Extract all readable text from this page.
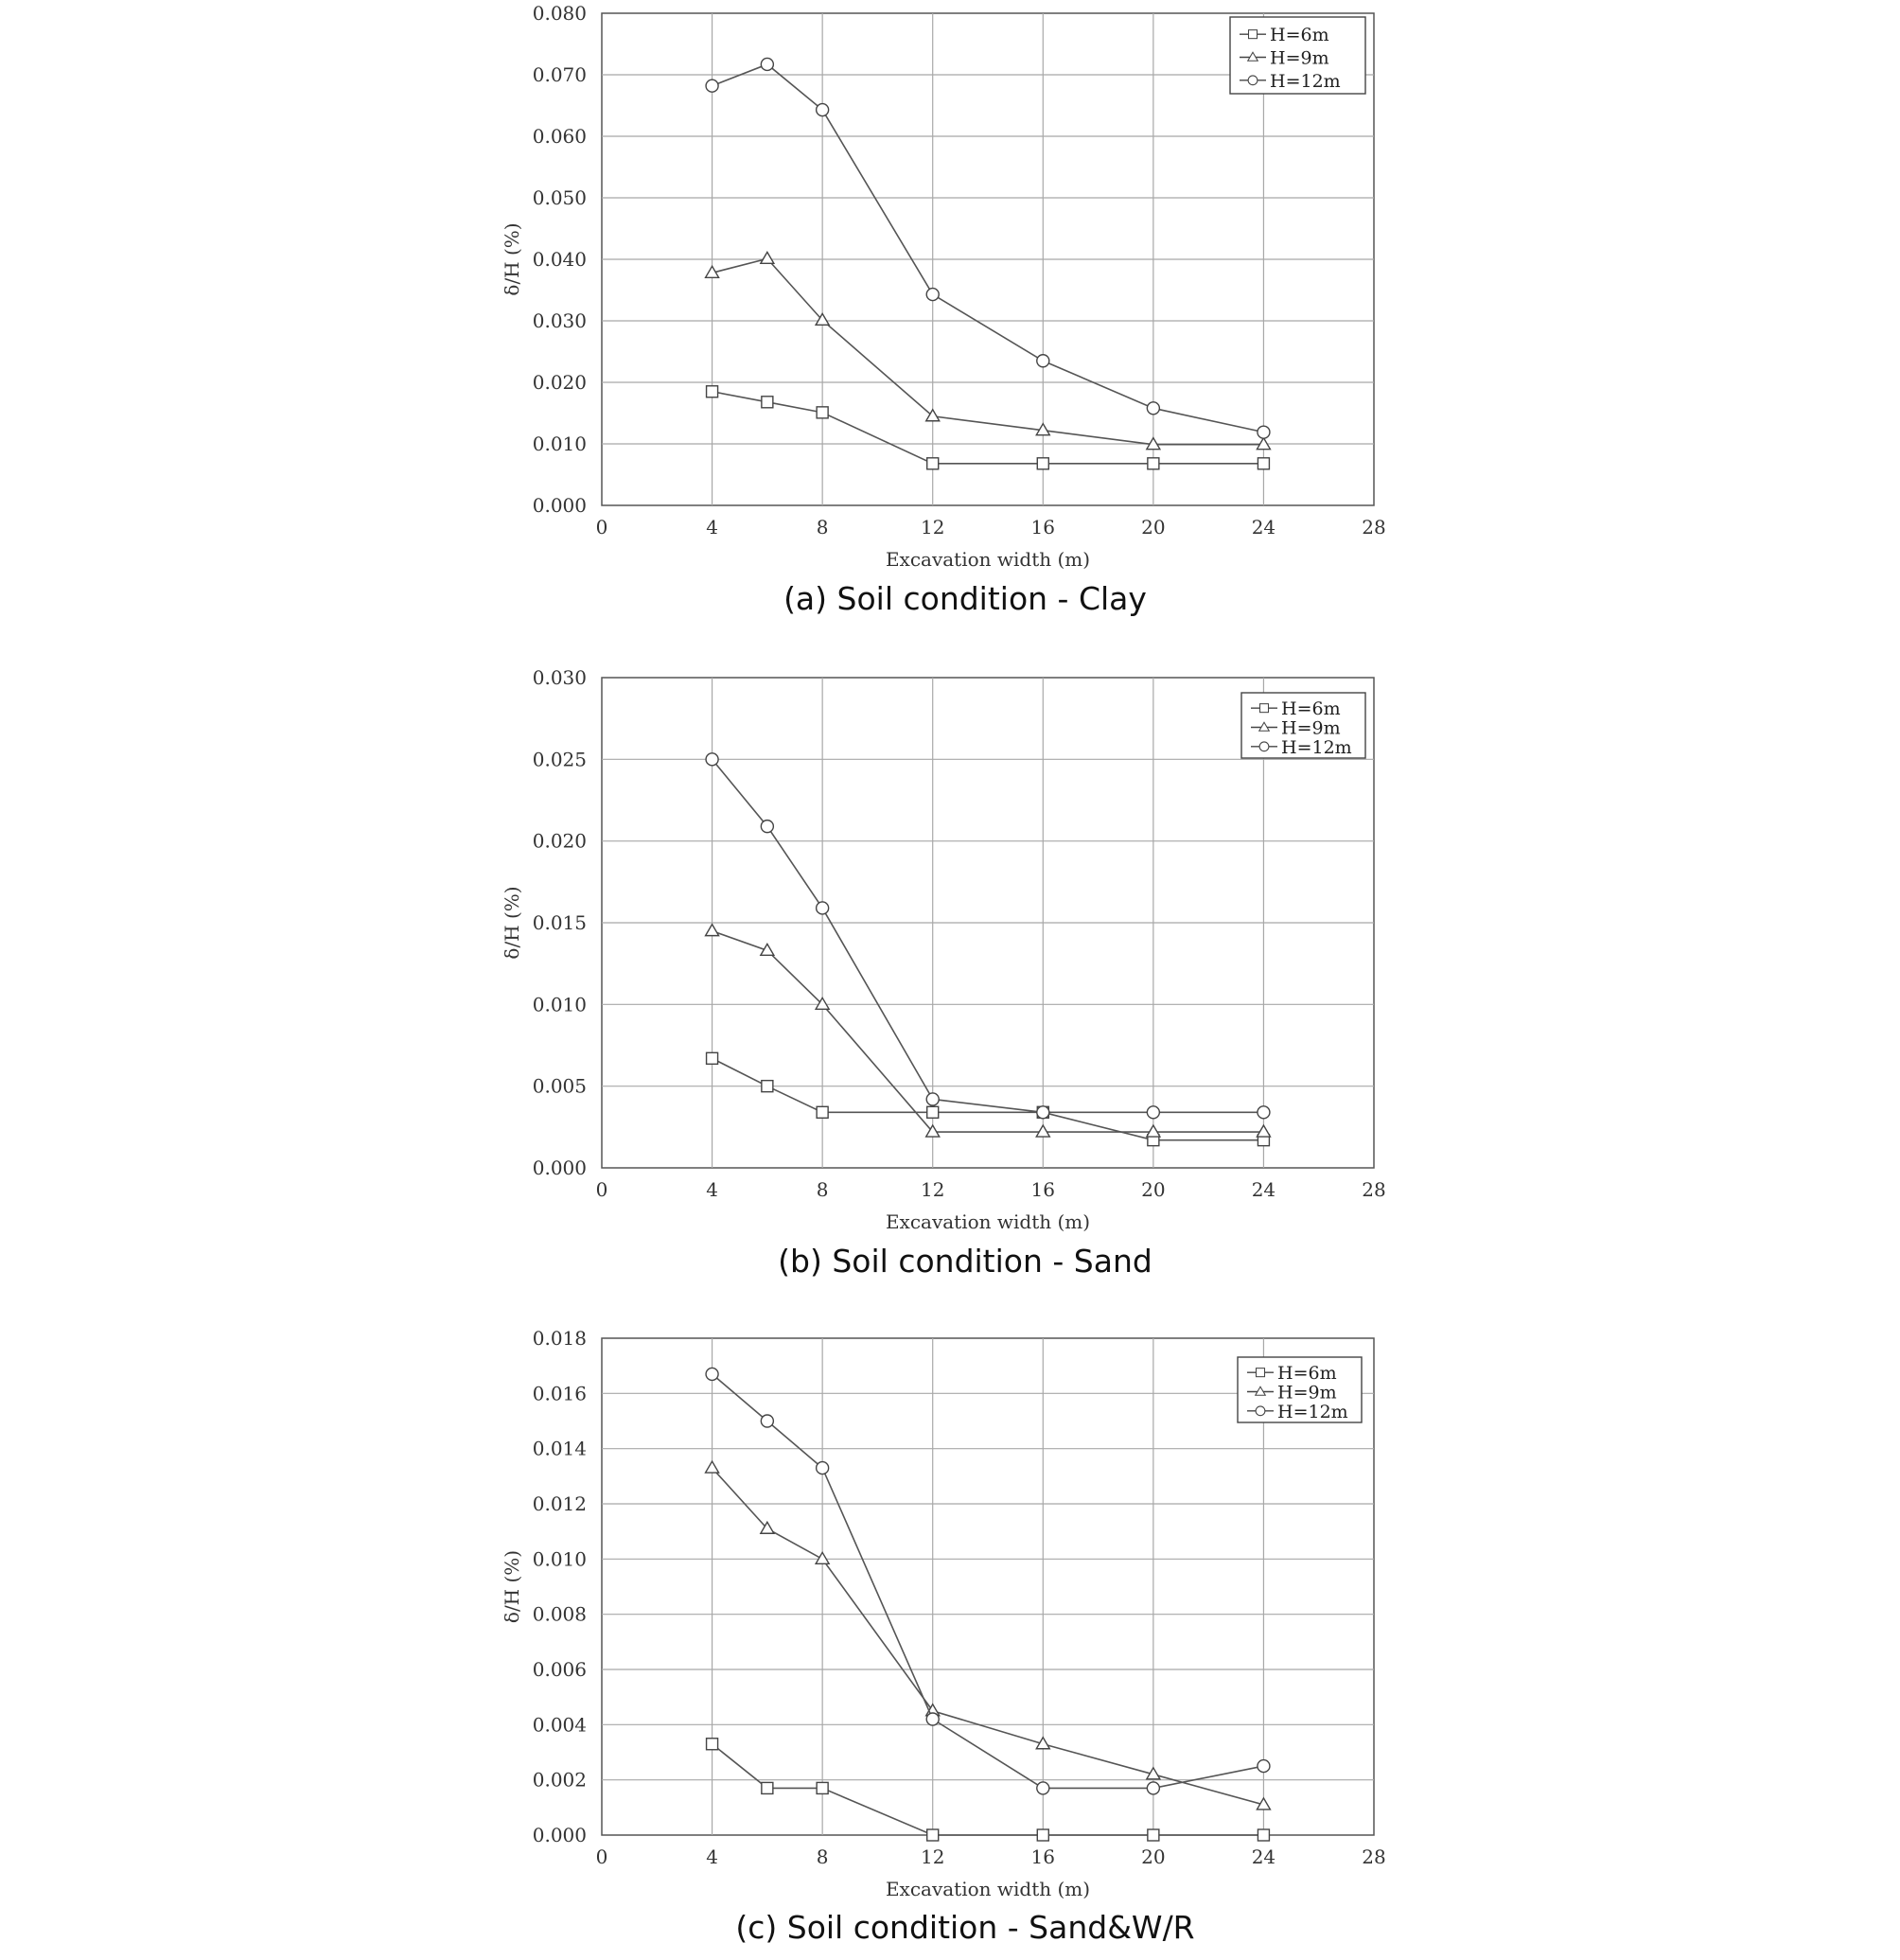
0	4	8	12	16	20	24	28
0.000
0.010
0.020
0.030
0.040
0.050
0.060
0.070
0.080
Excavation width (m)
δ/H (%)
H=6m
H=9m
H=12m
(a) Soil condition - Clay
0	4	8	12	16	20	24	28
0.000
0.005
0.010
0.015
0.020
0.025
0.030
Excavation width (m)
δ/H (%)
H=6m
H=9m
H=12m
(b) Soil condition - Sand
0	4	8	12	16	20	24	28
0.000
0.002
0.004
0.006
0.008
0.010
0.012
0.014
0.016
0.018
Excavation width (m)
δ/H (%)
H=6m
H=9m
H=12m
(c) Soil condition - Sand&W/R
